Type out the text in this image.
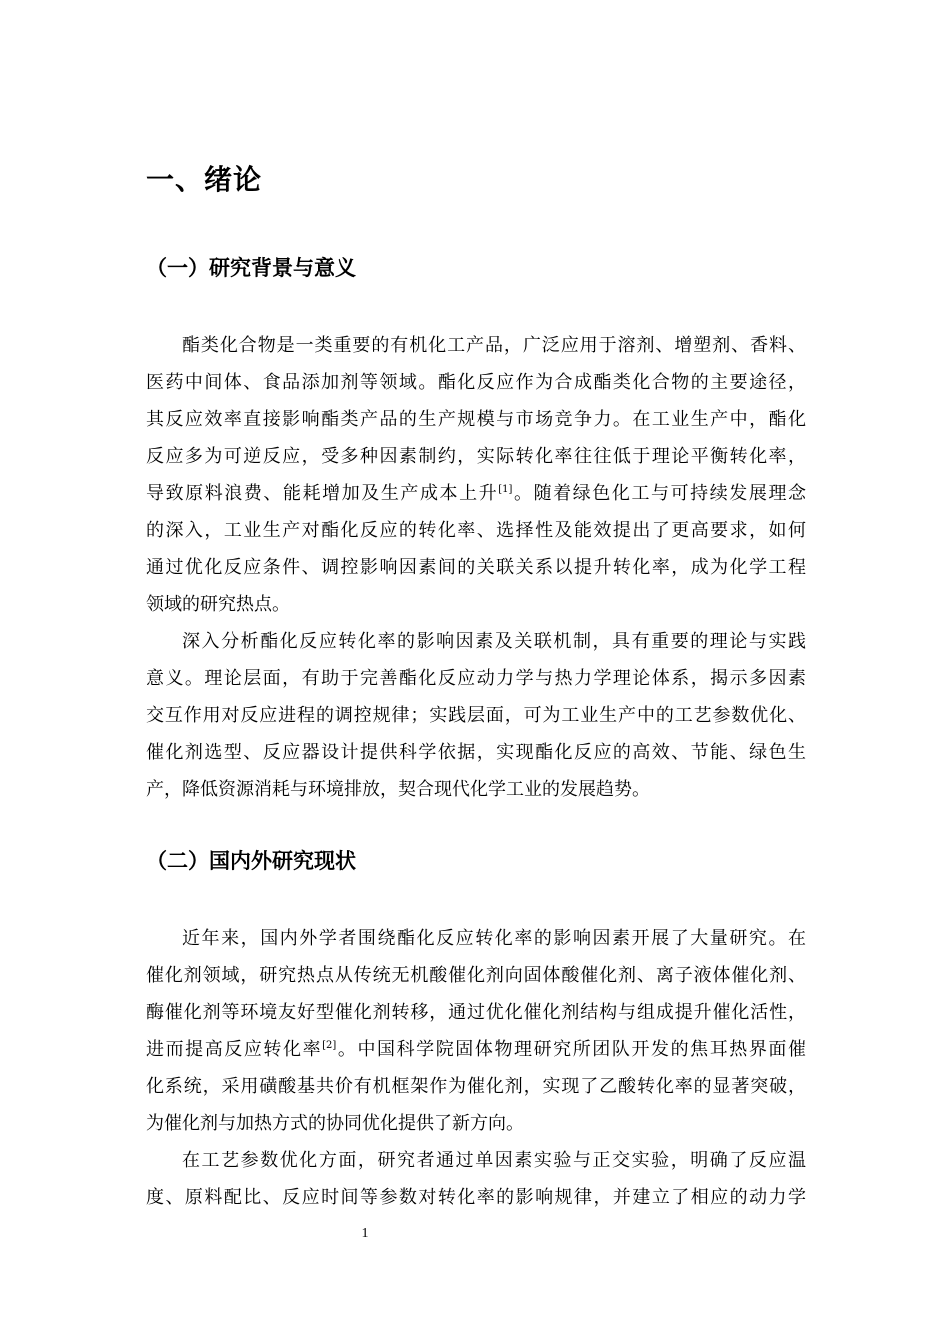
一、绪论
（一）研究背景与意义
酯类化合物是一类重要的有机化工产品，广泛应用于溶剂、增塑剂、香料、
医药中间体、食品添加剂等领域。酯化反应作为合成酯类化合物的主要途径，
其反应效率直接影响酯类产品的生产规模与市场竞争力。在工业生产中，酯化
反应多为可逆反应，受多种因素制约，实际转化率往往低于理论平衡转化率，
导致原料浪费、能耗增加及生产成本上升[1]。随着绿色化工与可持续发展理念
的深入，工业生产对酯化反应的转化率、选择性及能效提出了更高要求，如何
通过优化反应条件、调控影响因素间的关联关系以提升转化率，成为化学工程
领域的研究热点。
深入分析酯化反应转化率的影响因素及关联机制，具有重要的理论与实践
意义。理论层面，有助于完善酯化反应动力学与热力学理论体系，揭示多因素
交互作用对反应进程的调控规律；实践层面，可为工业生产中的工艺参数优化、
催化剂选型、反应器设计提供科学依据，实现酯化反应的高效、节能、绿色生
产，降低资源消耗与环境排放，契合现代化学工业的发展趋势。
（二）国内外研究现状
近年来，国内外学者围绕酯化反应转化率的影响因素开展了大量研究。在
催化剂领域，研究热点从传统无机酸催化剂向固体酸催化剂、离子液体催化剂、
酶催化剂等环境友好型催化剂转移，通过优化催化剂结构与组成提升催化活性，
进而提高反应转化率[2]。中国科学院固体物理研究所团队开发的焦耳热界面催
化系统，采用磺酸基共价有机框架作为催化剂，实现了乙酸转化率的显著突破，
为催化剂与加热方式的协同优化提供了新方向。
在工艺参数优化方面，研究者通过单因素实验与正交实验，明确了反应温
度、原料配比、反应时间等参数对转化率的影响规律，并建立了相应的动力学
1
